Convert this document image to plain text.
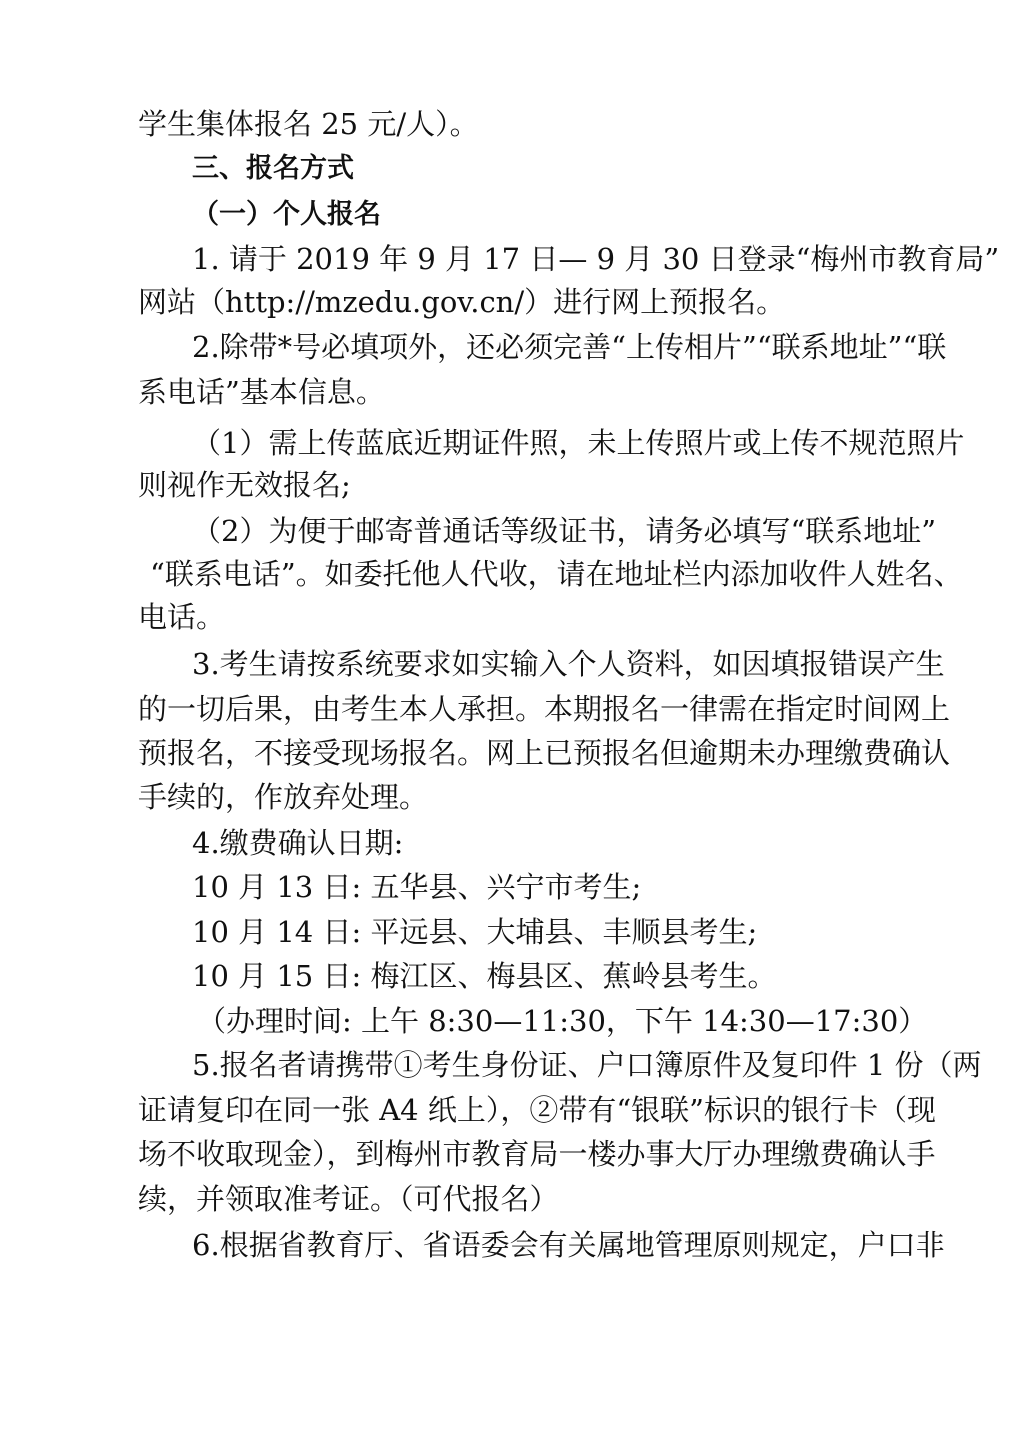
学生集体报名 25 元/人）。
三、报名方式
（一）个人报名
1. 请于 2019 年 9 月 17 日— 9 月 30 日登录“梅州市教育局”
网站（http://mzedu.gov.cn/）进行网上预报名。
2.除带*号必填项外，还必须完善“上传相片”“联系地址”“联
系电话”基本信息。
（1）需上传蓝底近期证件照，未上传照片或上传不规范照片
则视作无效报名;
（2）为便于邮寄普通话等级证书，请务必填写“联系地址”
“联系电话”。如委托他人代收，请在地址栏内添加收件人姓名、
电话。
3.考生请按系统要求如实输入个人资料，如因填报错误产生
的一切后果，由考生本人承担。本期报名一律需在指定时间网上
预报名，不接受现场报名。网上已预报名但逾期未办理缴费确认
手续的，作放弃处理。
4.缴费确认日期:
10 月 13 日: 五华县、兴宁市考生;
10 月 14 日: 平远县、大埔县、丰顺县考生;
10 月 15 日: 梅江区、梅县区、蕉岭县考生。
（办理时间: 上午 8:30—11:30，下午 14:30—17:30）
5.报名者请携带①考生身份证、户口簿原件及复印件 1 份（两
证请复印在同一张 A4 纸上），②带有“银联”标识的银行卡（现
场不收取现金），到梅州市教育局一楼办事大厅办理缴费确认手
续，并领取准考证。（可代报名）
6.根据省教育厅、省语委会有关属地管理原则规定，户口非
